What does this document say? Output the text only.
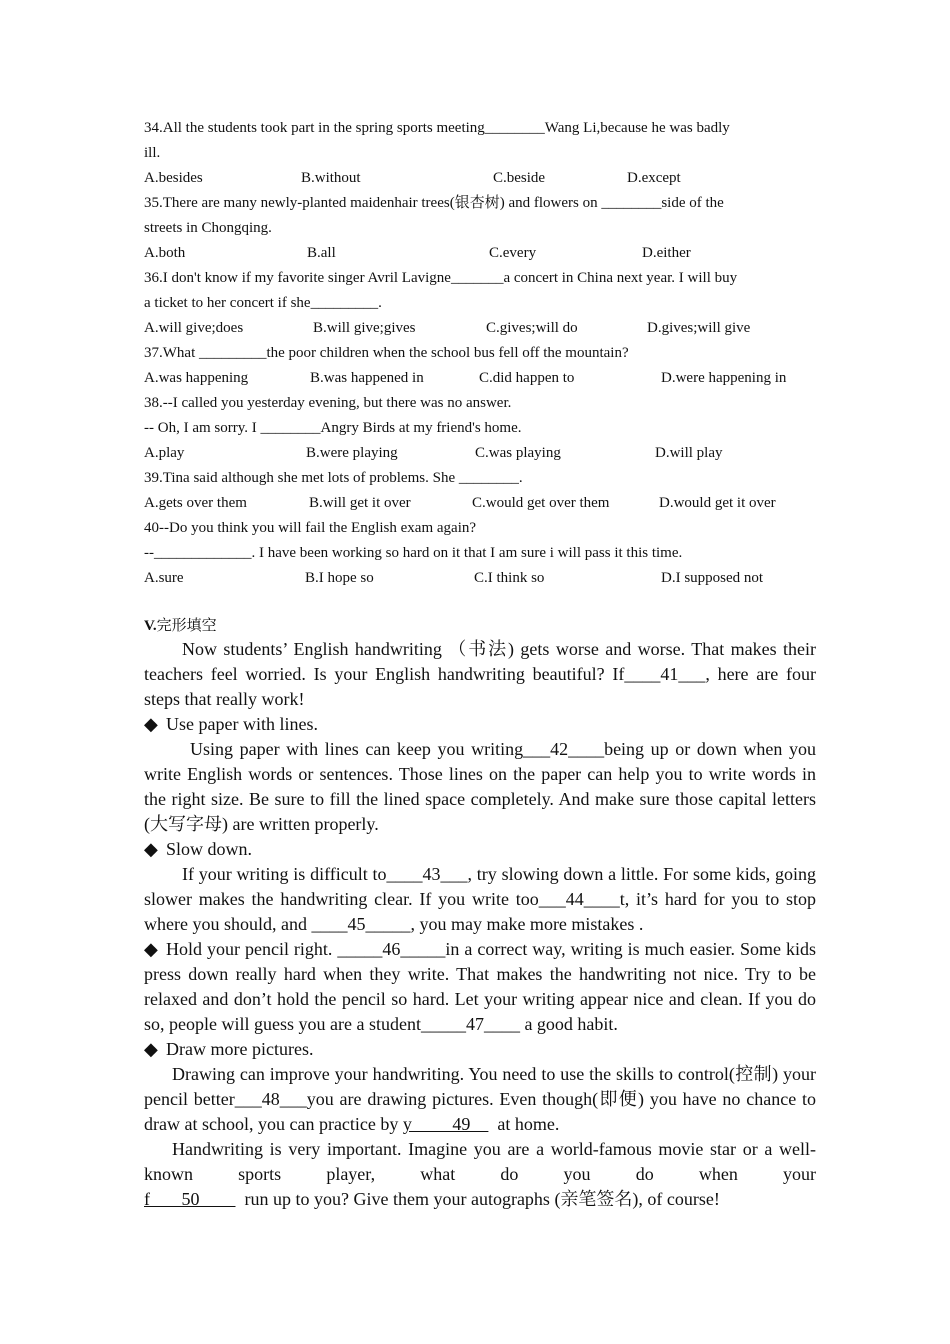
34.All the students took part in the spring sports meeting________Wang Li,because he was badly
ill.
A.besides	B.without	C.beside	D.except
35.There are many newly-planted maidenhair trees(银杏树) and flowers on ________side of the
streets in Chongqing.
A.both	B.all	C.every	D.either
36.I don't know if my favorite singer Avril Lavigne_______a concert in China next year. I will buy
a ticket to her concert if she_________.
A.will give;does	B.will give;gives	C.gives;will do	D.gives;will give
37.What _________the poor children when the school bus fell off the mountain?
A.was happening	B.was happened in	C.did happen to	D.were happening in
38.--I called you yesterday evening, but there was no answer.
-- Oh, I am sorry. I ________Angry Birds at my friend's home.
A.play	B.were playing	C.was playing	D.will play
39.Tina said although she met lots of problems. She ________.
A.gets over them	B.will get it over	C.would get over them	D.would get it over
40--Do you think you will fail the English exam again?
--_____________. I have been working so hard on it that I am sure i will pass it this time.
A.sure	B.I hope so	C.I think so	D.I supposed not
V.完形填空
Now students’ English handwriting （书法) gets worse and worse. That makes their teachers feel worried. Is your English handwriting beautiful? If____41___, here are four steps that really work!
◆ Use paper with lines.
Using paper with lines can keep you writing___42____being up or down when you write English words or sentences. Those lines on the paper can help you to write words in the right size. Be sure to fill the lined space completely. And make sure those capital letters (大写字母) are written properly.
◆ Slow down.
If your writing is difficult to____43___, try slowing down a little. For some kids, going slower makes the handwriting clear. If you write too___44____t, it’s hard for you to stop where you should, and ____45_____, you may make more mistakes .
◆ Hold your pencil right. _____46_____in a correct way, writing is much easier. Some kids press down really hard when they write. That makes the handwriting not nice. Try to be relaxed and don’t hold the pencil so hard. Let your writing appear nice and clean. If you do so, people will guess you are a student_____47____ a good habit.
◆ Draw more pictures.
Drawing can improve your handwriting. You need to use the skills to control(控制) your pencil better___48___you are drawing pictures. Even though(即便) you have no chance to draw at school, you can practice by y         49      at home.
Handwriting is very important. Imagine you are a world-famous movie star or a well-known sports player, what do you do when your f       50          run up to you? Give them your autographs (亲笔签名), of course!
